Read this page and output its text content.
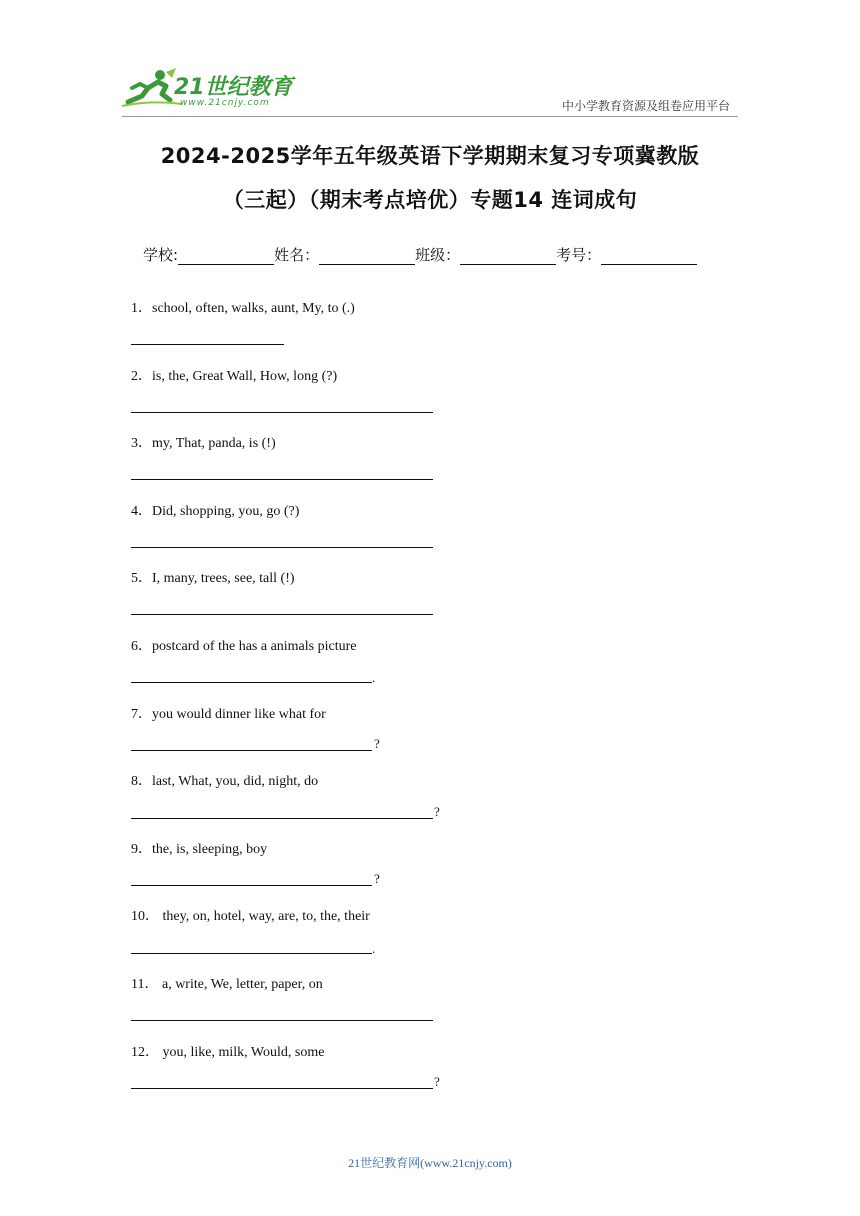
21世纪教育
www.21cnjy.com	中小学教育资源及组卷应用平台
2024-2025学年五年级英语下学期期末复习专项冀教版
（三起）（期末考点培优）专题14 连词成句
学校:	姓名：	班级：	考号：
1．school, often, walks, aunt, My, to (.)
2．is, the, Great Wall, How, long (?)
3．my, That, panda, is (!)
4．Did, shopping, you, go (?)
5．I, many, trees, see, tall (!)
6．postcard of the has a animals picture
.
7．you would dinner like what for
?
8．last, What, you, did, night, do
?
9．the, is, sleeping, boy
?
10． they, on, hotel, way, are, to, the, their
.
11． a, write, We, letter, paper, on
12． you, like, milk, Would, some
?
21世纪教育网(www.21cnjy.com)
